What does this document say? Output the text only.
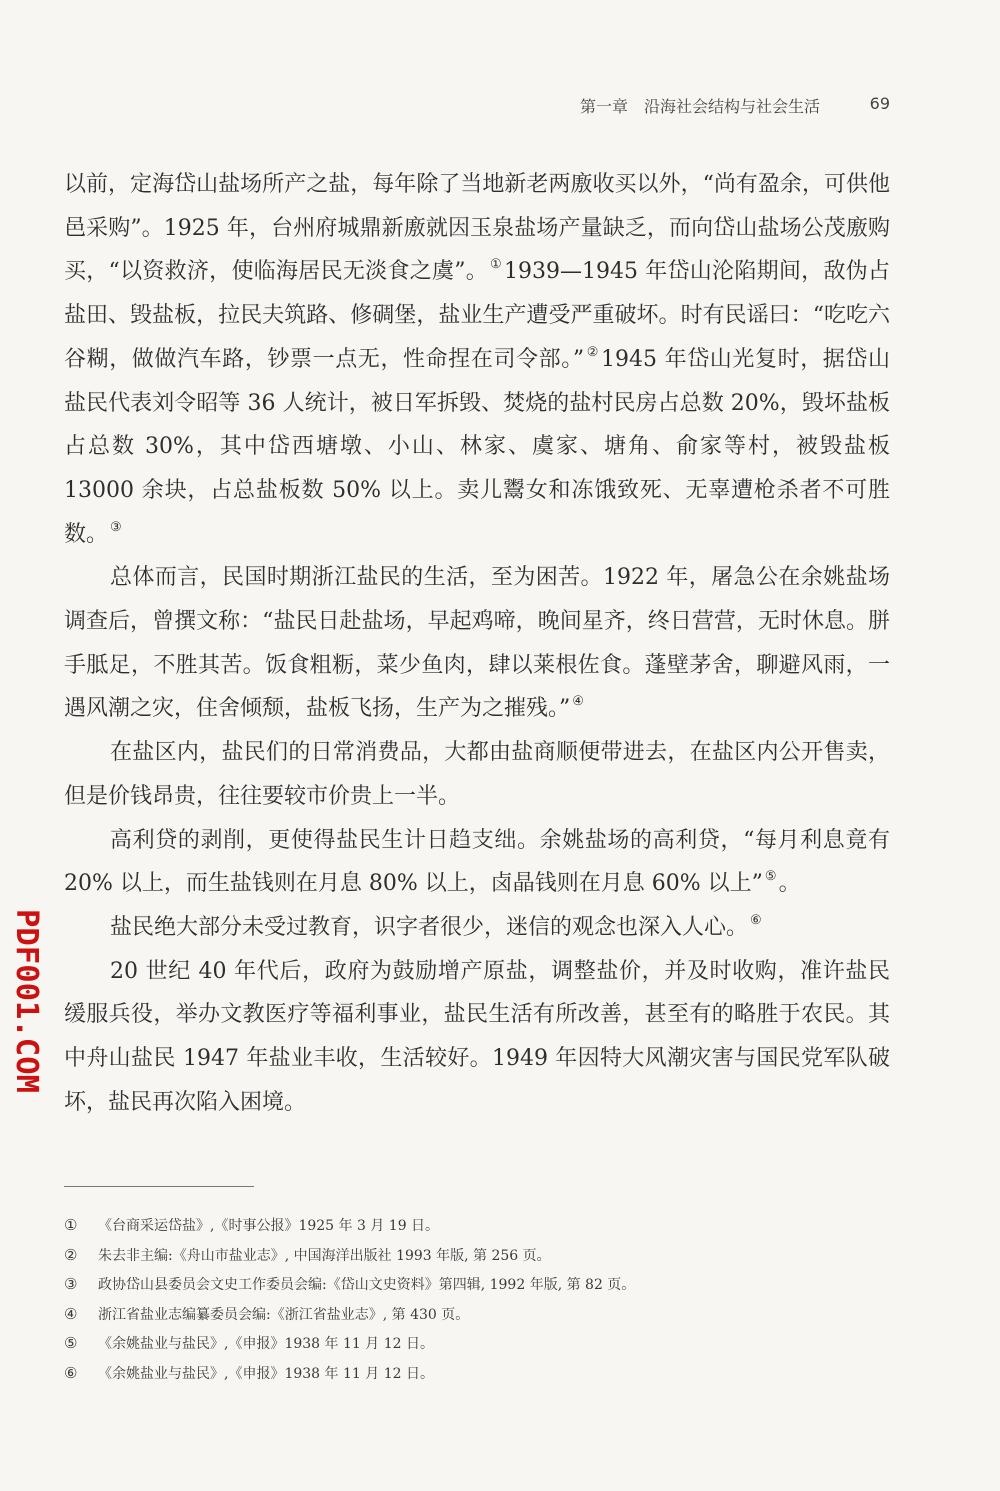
第一章　沿海社会结构与社会生活	69

以前，定海岱山盐场所产之盐，每年除了当地新老两廒收买以外，“尚有盈余，可供他邑采购”。1925 年，台州府城鼎新廒就因玉泉盐场产量缺乏，而向岱山盐场公茂廒购买，“以资救济，使临海居民无淡食之虞”。 ①1939—1945 年岱山沦陷期间，敌伪占盐田、毁盐板，拉民夫筑路、修碉堡，盐业生产遭受严重破坏。时有民谣曰：“吃吃六谷糊，做做汽车路，钞票一点无，性命捏在司令部。” ②1945 年岱山光复时，据岱山盐民代表刘令昭等 36 人统计，被日军拆毁、焚烧的盐村民房占总数 20%，毁坏盐板占总数 30%，其中岱西塘墩、小山、林家、虞家、塘角、俞家等村，被毁盐板 13000 余块，占总盐板数 50% 以上。卖儿鬻女和冻饿致死、无辜遭枪杀者不可胜数。 ③

总体而言，民国时期浙江盐民的生活，至为困苦。1922 年，屠急公在余姚盐场调查后，曾撰文称：“盐民日赴盐场，早起鸡啼，晚间星齐，终日营营，无时休息。胼手胝足，不胜其苦。饭食粗粝，菜少鱼肉，肆以莱根佐食。蓬壁茅舍，聊避风雨，一遇风潮之灾，住舍倾颓，盐板飞扬，生产为之摧残。” ④

在盐区内，盐民们的日常消费品，大都由盐商顺便带进去，在盐区内公开售卖，但是价钱昂贵，往往要较市价贵上一半。

高利贷的剥削，更使得盐民生计日趋支绌。余姚盐场的高利贷，“每月利息竟有 20% 以上，而生盐钱则在月息 80% 以上，卤晶钱则在月息 60% 以上” ⑤。

盐民绝大部分未受过教育，识字者很少，迷信的观念也深入人心。 ⑥

20 世纪 40 年代后，政府为鼓励增产原盐，调整盐价，并及时收购，准许盐民缓服兵役，举办文教医疗等福利事业，盐民生活有所改善，甚至有的略胜于农民。其中舟山盐民 1947 年盐业丰收，生活较好。1949 年因特大风潮灾害与国民党军队破坏，盐民再次陷入困境。

① 《台商采运岱盐》,《时事公报》1925 年 3 月 19 日。
② 朱去非主编:《舟山市盐业志》, 中国海洋出版社 1993 年版, 第 256 页。
③ 政协岱山县委员会文史工作委员会编:《岱山文史资料》第四辑, 1992 年版, 第 82 页。
④ 浙江省盐业志编纂委员会编:《浙江省盐业志》, 第 430 页。
⑤ 《余姚盐业与盐民》,《申报》1938 年 11 月 12 日。
⑥ 《余姚盐业与盐民》,《申报》1938 年 11 月 12 日。
PDF001.COM
